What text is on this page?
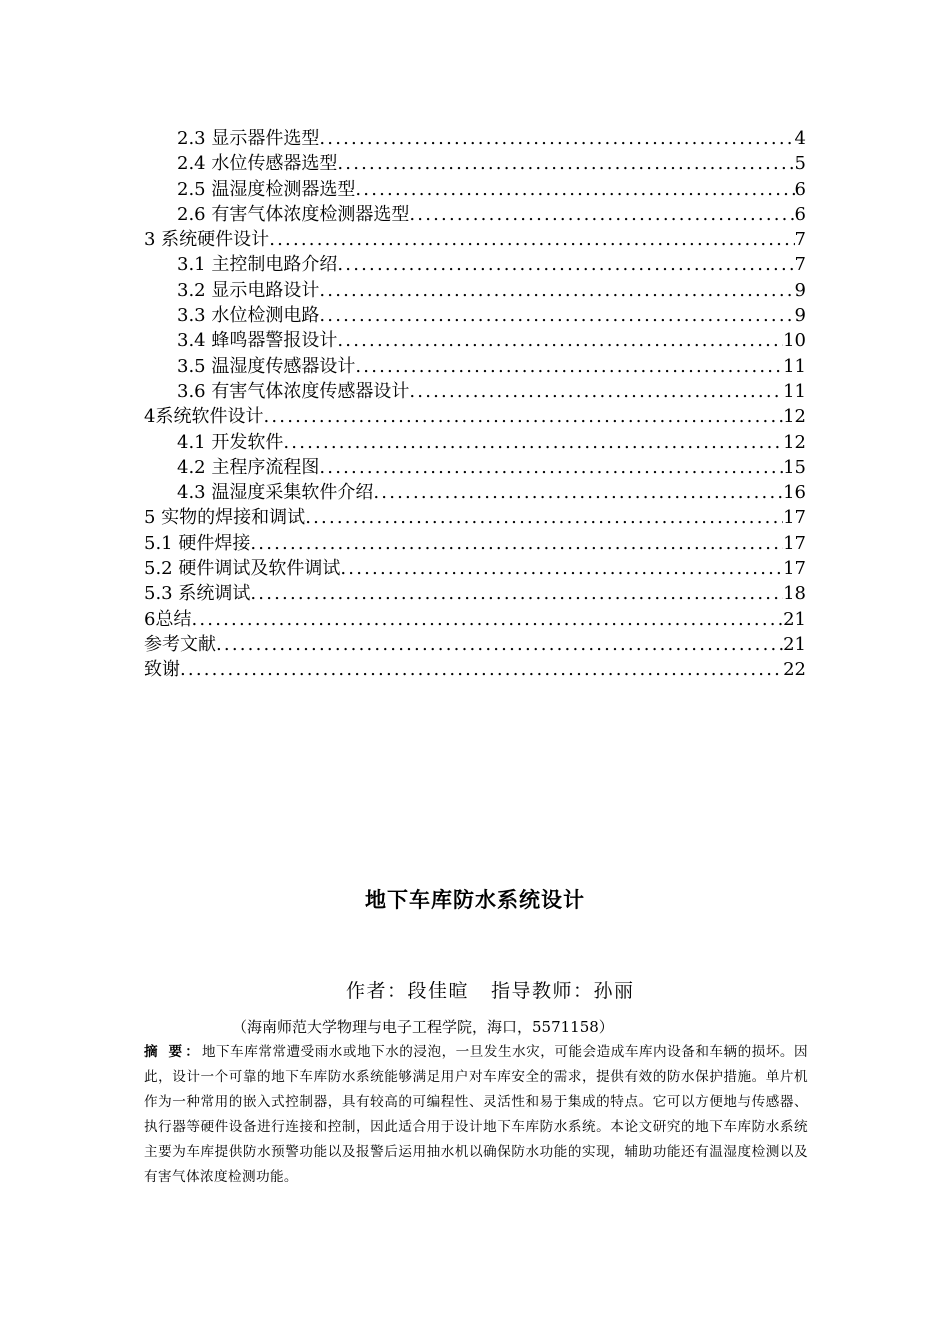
2.3 显示器件选型 .....	4
2.4 水位传感器选型 .....	5
2.5 温湿度检测器选型 .....	6
2.6 有害气体浓度检测器选型 .....	6
3 系统硬件设计 .....	7
3.1 主控制电路介绍 .....	7
3.2 显示电路设计 .....	9
3.3 水位检测电路 .....	9
3.4 蜂鸣器警报设计 .....	10
3.5 温湿度传感器设计 .....	11
3.6 有害气体浓度传感器设计 .....	11
4系统软件设计 .....	12
4.1 开发软件 .....	12
4.2 主程序流程图 .....	15
4.3 温湿度采集软件介绍 .....	16
5 实物的焊接和调试 .....	17
5.1 硬件焊接 .....	17
5.2 硬件调试及软件调试 .....	17
5.3 系统调试 .....	18
6总结 .....	21
参考文献 .....	21
致谢 .....	22
地下车库防水系统设计
作者：段佳暄 指导教师：孙丽
（海南师范大学物理与电子工程学院，海口，5571158）
摘 要：地下车库常常遭受雨水或地下水的浸泡，一旦发生水灾，可能会造成车库内设备和车辆的损坏。因此，设计一个可靠的地下车库防水系统能够满足用户对车库安全的需求，提供有效的防水保护措施。单片机作为一种常用的嵌入式控制器，具有较高的可编程性、灵活性和易于集成的特点。它可以方便地与传感器、执行器等硬件设备进行连接和控制，因此适合用于设计地下车库防水系统。本论文研究的地下车库防水系统主要为车库提供防水预警功能以及报警后运用抽水机以确保防水功能的实现，辅助功能还有温湿度检测以及有害气体浓度检测功能。
